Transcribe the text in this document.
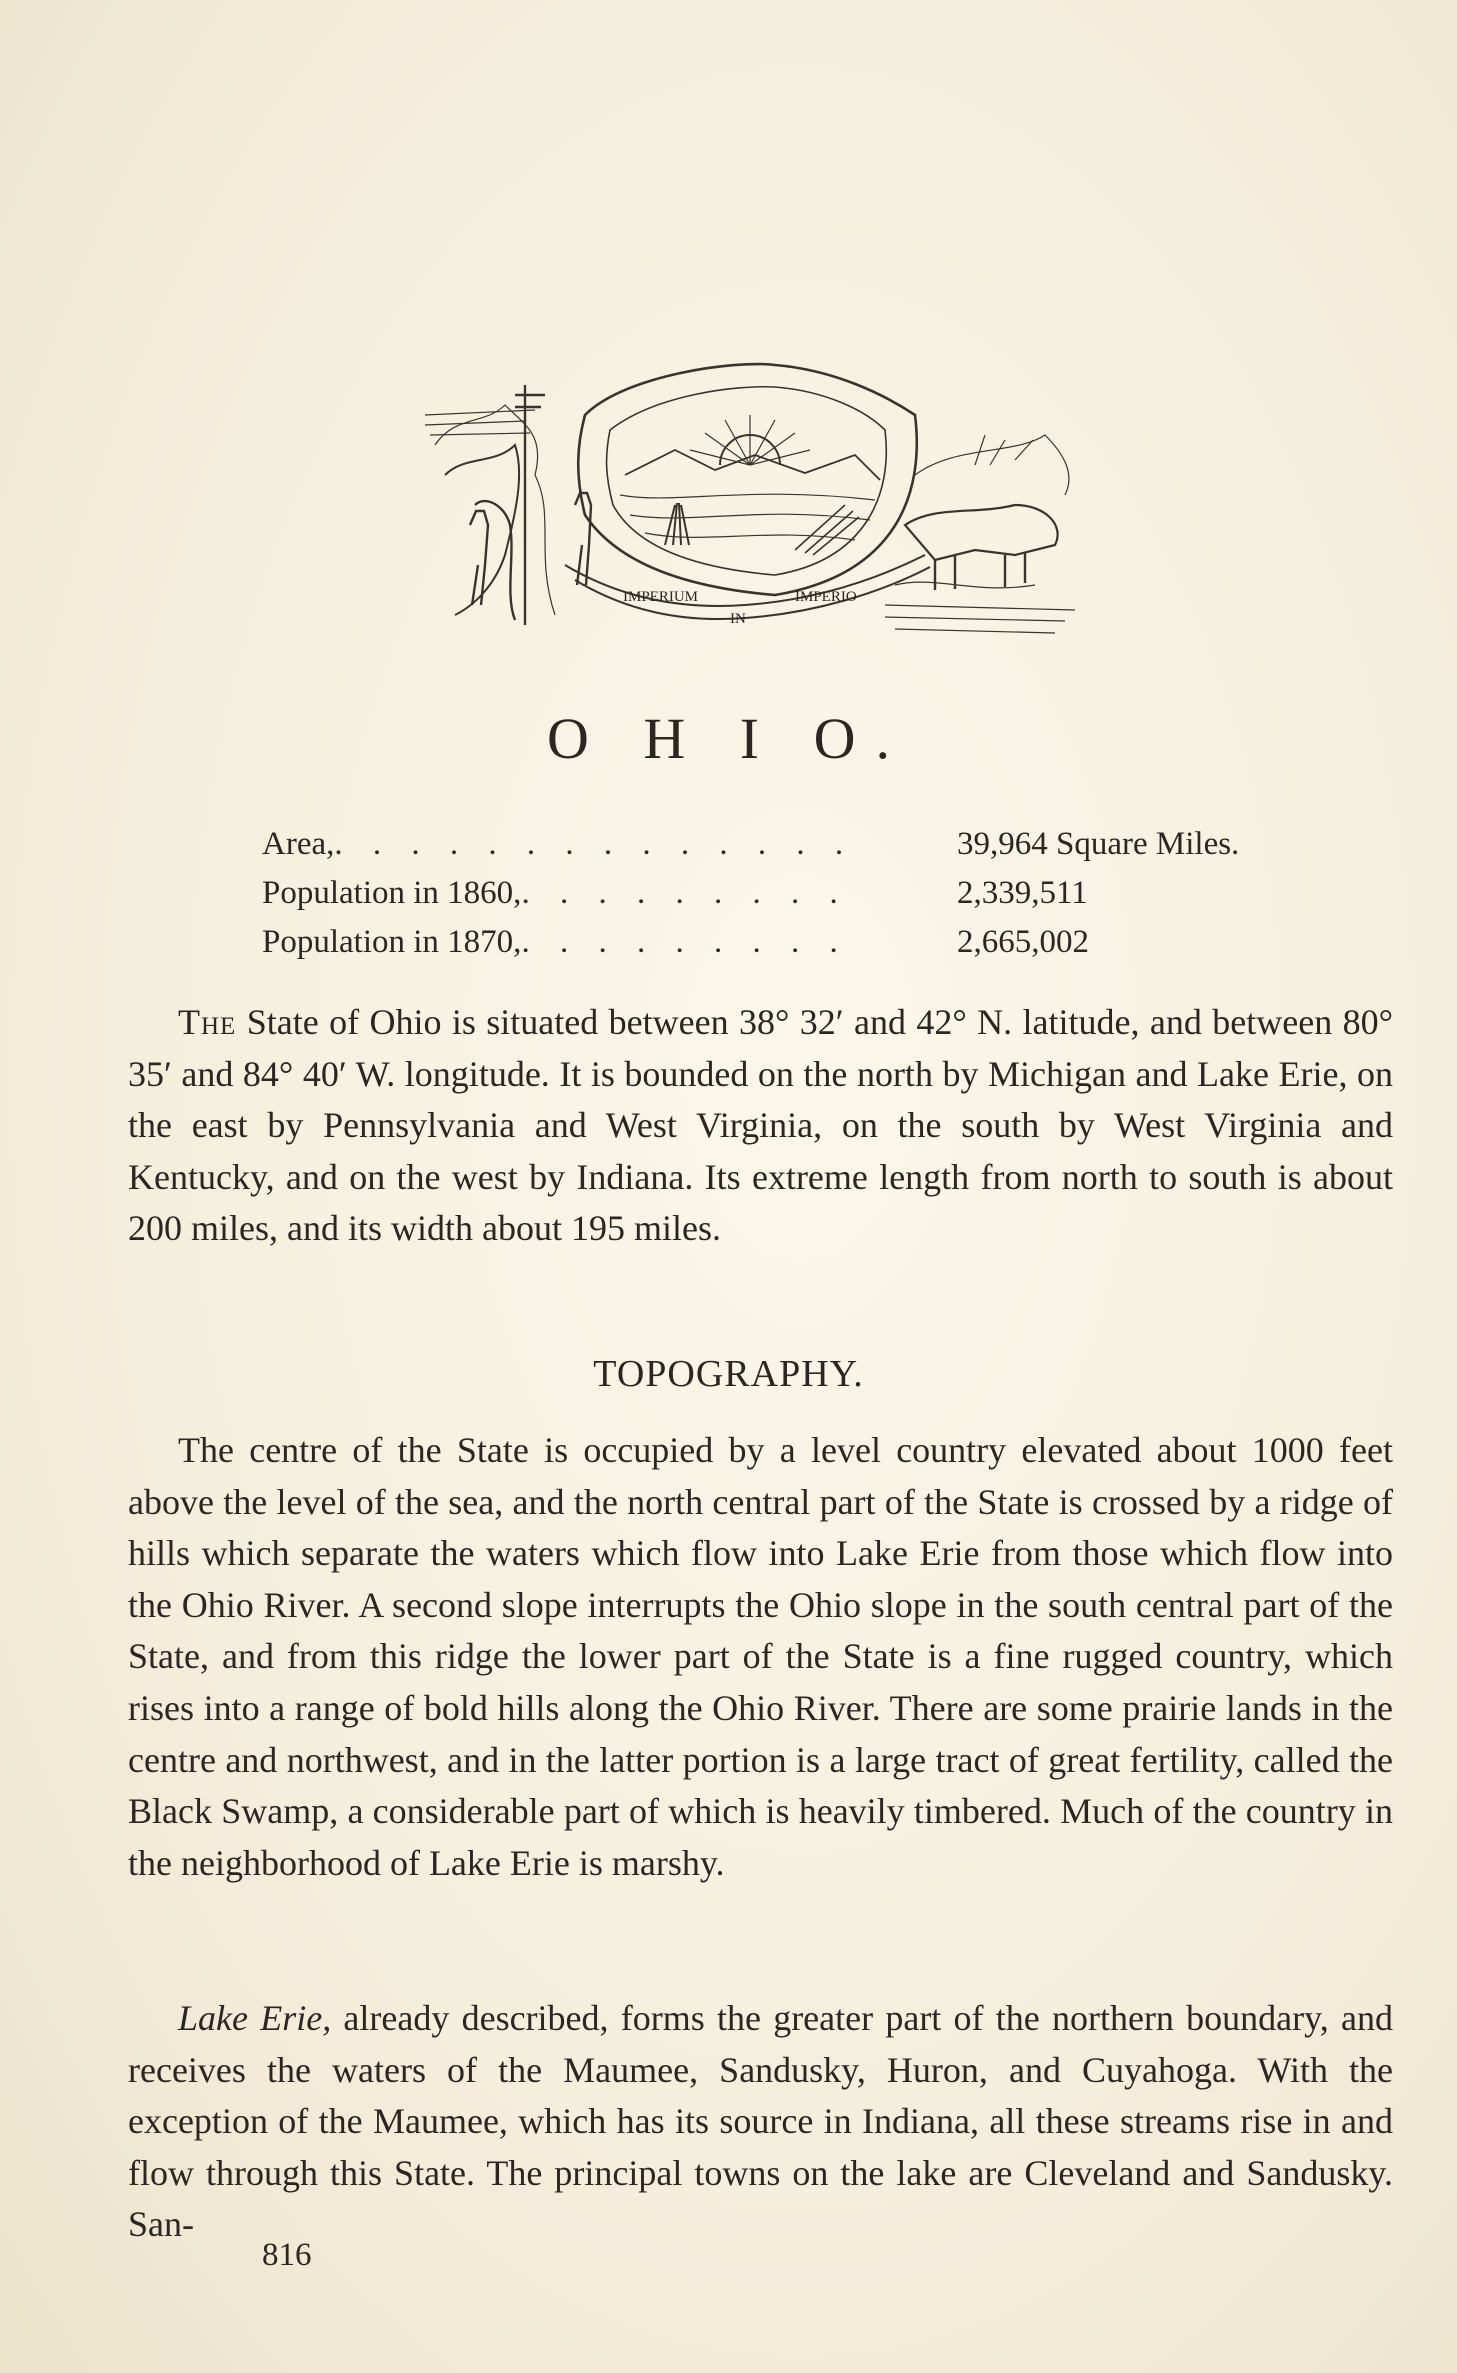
IMPERIUM
IN
IMPERIO
O H I O.
Area, . . . . . . . . . . . . . .	39,964 Square Miles.
Population in 1860, . . . . . . . . .	2,339,511
Population in 1870, . . . . . . . . .	2,665,002

The State of Ohio is situated between 38° 32′ and 42° N. latitude, and between 80° 35′ and 84° 40′ W. longitude. It is bounded on the north by Michigan and Lake Erie, on the east by Pennsylvania and West Virginia, on the south by West Virginia and Kentucky, and on the west by Indiana. Its extreme length from north to south is about 200 miles, and its width about 195 miles.

TOPOGRAPHY.

The centre of the State is occupied by a level country elevated about 1000 feet above the level of the sea, and the north central part of the State is crossed by a ridge of hills which separate the waters which flow into Lake Erie from those which flow into the Ohio River. A second slope interrupts the Ohio slope in the south central part of the State, and from this ridge the lower part of the State is a fine rugged country, which rises into a range of bold hills along the Ohio River. There are some prairie lands in the centre and northwest, and in the latter portion is a large tract of great fertility, called the Black Swamp, a considerable part of which is heavily timbered. Much of the country in the neighborhood of Lake Erie is marshy.

Lake Erie, already described, forms the greater part of the northern boundary, and receives the waters of the Maumee, Sandusky, Huron, and Cuyahoga. With the exception of the Maumee, which has its source in Indiana, all these streams rise in and flow through this State. The principal towns on the lake are Cleveland and Sandusky. San-

816
